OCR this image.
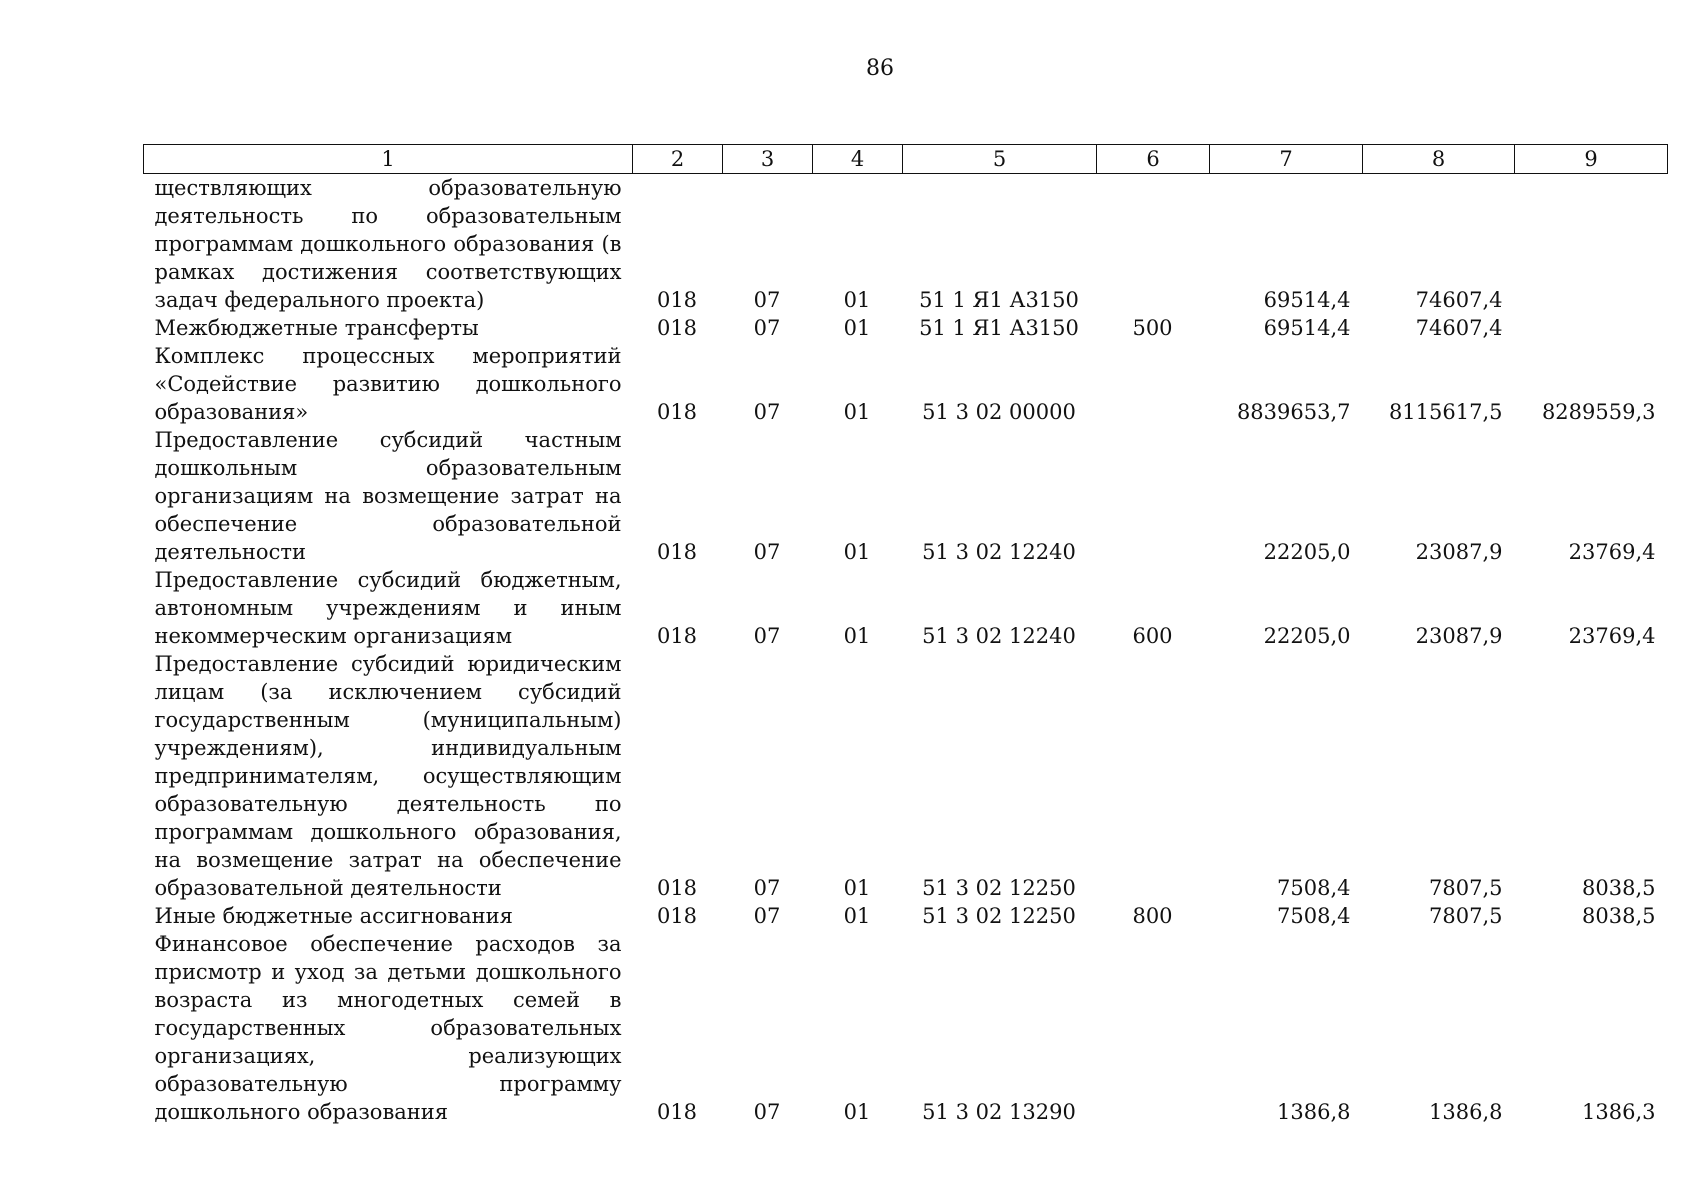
86
1	2	3	4	5	6	7	8	9
ществляющих образовательную деятельность по образовательным программам дошкольного образования (в рамках достижения соответствующих задач федерального проекта)	018	07	01	51 1 Я1 А3150		69514,4	74607,4	
Межбюджетные трансферты	018	07	01	51 1 Я1 А3150	500	69514,4	74607,4	
Комплекс процессных мероприятий «Содействие развитию дошкольного образования»	018	07	01	51 3 02 00000		8839653,7	8115617,5	8289559,3
Предоставление субсидий частным дошкольным образовательным организациям на возмещение затрат на обеспечение образовательной деятельности	018	07	01	51 3 02 12240		22205,0	23087,9	23769,4
Предоставление субсидий бюджетным, автономным учреждениям и иным некоммерческим организациям	018	07	01	51 3 02 12240	600	22205,0	23087,9	23769,4
Предоставление субсидий юридическим лицам (за исключением субсидий государственным (муниципальным) учреждениям), индивидуальным предпринимателям, осуществляющим образовательную деятельность по программам дошкольного образования, на возмещение затрат на обеспечение образовательной деятельности	018	07	01	51 3 02 12250		7508,4	7807,5	8038,5
Иные бюджетные ассигнования	018	07	01	51 3 02 12250	800	7508,4	7807,5	8038,5
Финансовое обеспечение расходов за присмотр и уход за детьми дошкольного возраста из многодетных семей в государственных образовательных организациях, реализующих образовательную программу дошкольного образования	018	07	01	51 3 02 13290		1386,8	1386,8	1386,3
